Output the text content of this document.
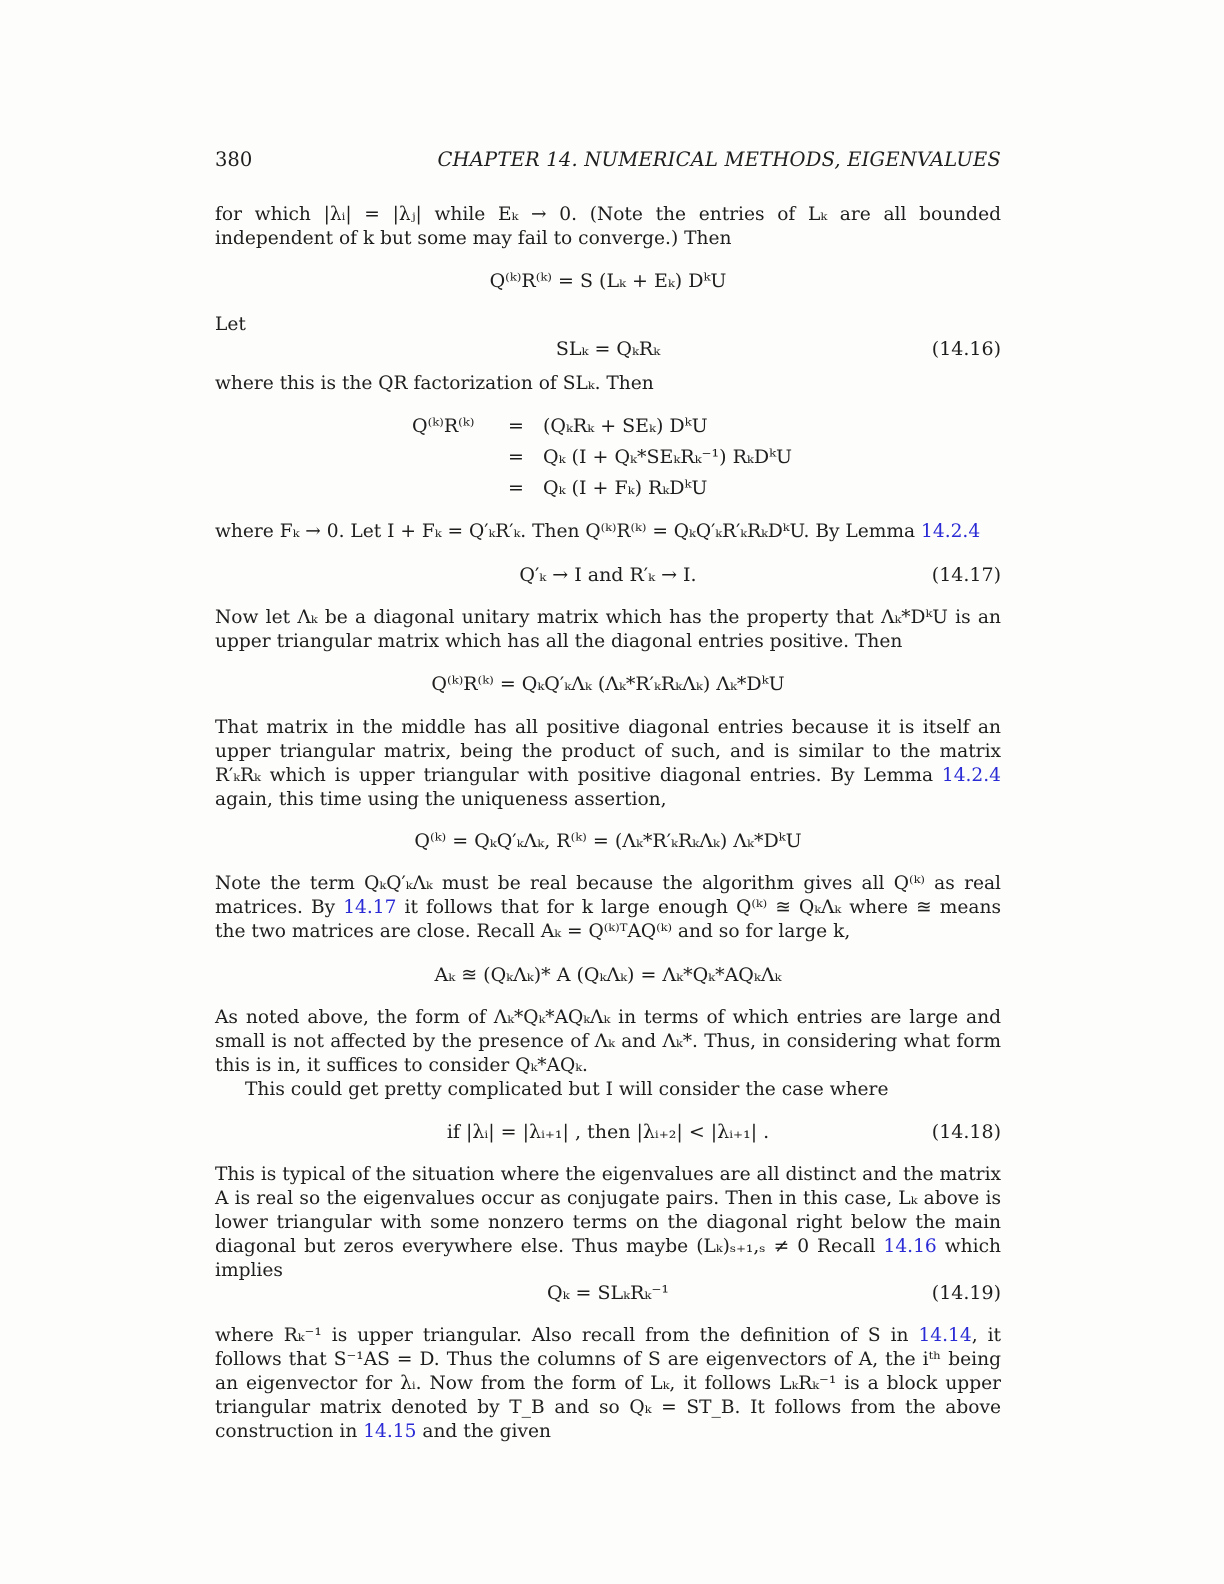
380	CHAPTER 14. NUMERICAL METHODS, EIGENVALUES

for which |λᵢ| = |λⱼ| while Eₖ → 0. (Note the entries of Lₖ are all bounded independent of k but some may fail to converge.) Then

Q⁽ᵏ⁾R⁽ᵏ⁾ = S (Lₖ + Eₖ) DᵏU

Let

SLₖ = QₖRₖ	(14.16)

where this is the QR factorization of SLₖ. Then

Q⁽ᵏ⁾R⁽ᵏ⁾ = (QₖRₖ + SEₖ) DᵏU
= Qₖ (I + Qₖ*SEₖRₖ⁻¹) RₖDᵏU
= Qₖ (I + Fₖ) RₖDᵏU

where Fₖ → 0. Let I + Fₖ = Q′ₖR′ₖ. Then Q⁽ᵏ⁾R⁽ᵏ⁾ = QₖQ′ₖR′ₖRₖDᵏU. By Lemma 14.2.4

Q′ₖ → I and R′ₖ → I.	(14.17)

Now let Λₖ be a diagonal unitary matrix which has the property that Λₖ*DᵏU is an upper triangular matrix which has all the diagonal entries positive. Then

Q⁽ᵏ⁾R⁽ᵏ⁾ = QₖQ′ₖΛₖ (Λₖ*R′ₖRₖΛₖ) Λₖ*DᵏU

That matrix in the middle has all positive diagonal entries because it is itself an upper triangular matrix, being the product of such, and is similar to the matrix R′ₖRₖ which is upper triangular with positive diagonal entries. By Lemma 14.2.4 again, this time using the uniqueness assertion,

Q⁽ᵏ⁾ = QₖQ′ₖΛₖ, R⁽ᵏ⁾ = (Λₖ*R′ₖRₖΛₖ) Λₖ*DᵏU

Note the term QₖQ′ₖΛₖ must be real because the algorithm gives all Q⁽ᵏ⁾ as real matrices. By 14.17 it follows that for k large enough Q⁽ᵏ⁾ ≊ QₖΛₖ where ≊ means the two matrices are close. Recall Aₖ = Q⁽ᵏ⁾ᵀAQ⁽ᵏ⁾ and so for large k,

Aₖ ≊ (QₖΛₖ)* A (QₖΛₖ) = Λₖ*Qₖ*AQₖΛₖ

As noted above, the form of Λₖ*Qₖ*AQₖΛₖ in terms of which entries are large and small is not affected by the presence of Λₖ and Λₖ*. Thus, in considering what form this is in, it suffices to consider Qₖ*AQₖ.

This could get pretty complicated but I will consider the case where

if |λᵢ| = |λᵢ₊₁| , then |λᵢ₊₂| < |λᵢ₊₁| .	(14.18)

This is typical of the situation where the eigenvalues are all distinct and the matrix A is real so the eigenvalues occur as conjugate pairs. Then in this case, Lₖ above is lower triangular with some nonzero terms on the diagonal right below the main diagonal but zeros everywhere else. Thus maybe (Lₖ)ₛ₊₁,ₛ ≠ 0 Recall 14.16 which implies

Qₖ = SLₖRₖ⁻¹	(14.19)

where Rₖ⁻¹ is upper triangular. Also recall from the definition of S in 14.14, it follows that S⁻¹AS = D. Thus the columns of S are eigenvectors of A, the iᵗʰ being an eigenvector for λᵢ. Now from the form of Lₖ, it follows LₖRₖ⁻¹ is a block upper triangular matrix denoted by T_B and so Qₖ = ST_B. It follows from the above construction in 14.15 and the given
